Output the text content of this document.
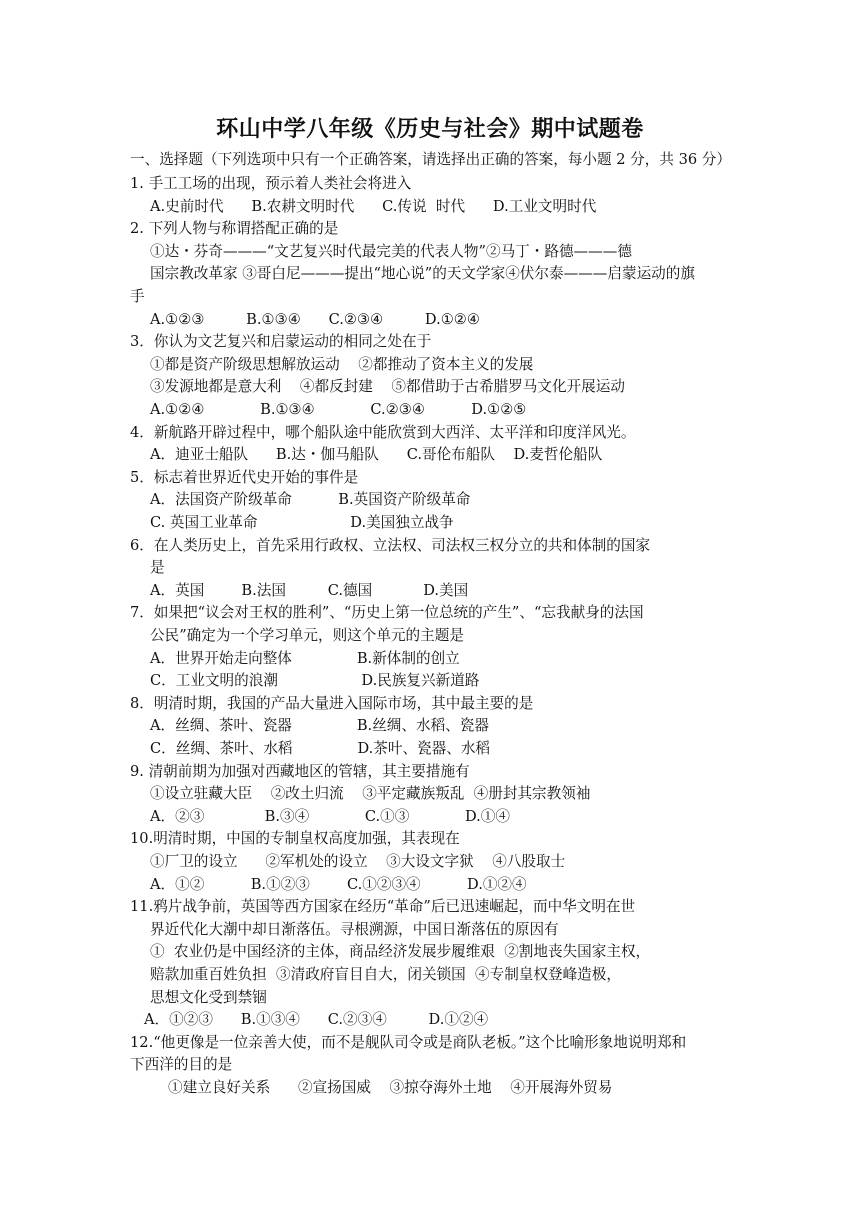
环山中学八年级《历史与社会》期中试题卷
一、选择题（下列选项中只有一个正确答案，请选择出正确的答案，每小题 2 分，共 36 分）
1. 手工工场的出现，预示着人类社会将进入
A.史前时代      B.农耕文明时代      C.传说  时代      D.工业文明时代
2. 下列人物与称谓搭配正确的是
①达・芬奇———“文艺复兴时代最完美的代表人物”②马丁・路德———德
国宗教改革家 ③哥白尼———提出“地心说”的天文学家④伏尔泰———启蒙运动的旗
手
A.①②③         B.①③④      C.②③④         D.①②④
3．你认为文艺复兴和启蒙运动的相同之处在于
①都是资产阶级思想解放运动    ②都推动了资本主义的发展
③发源地都是意大利    ④都反封建    ⑤都借助于古希腊罗马文化开展运动
A.①②④            B.①③④            C.②③④          D.①②⑤
4．新航路开辟过程中，哪个船队途中能欣赏到大西洋、太平洋和印度洋风光。
A．迪亚士船队      B.达・伽马船队      C.哥伦布船队    D.麦哲伦船队
5．标志着世界近代史开始的事件是
A．法国资产阶级革命          B.英国资产阶级革命
C. 英国工业革命                    D.美国独立战争
6．在人类历史上，首先采用行政权、立法权、司法权三权分立的共和体制的国家
是
A．英国        B.法国         C.德国           D.美国
7．如果把“议会对王权的胜利”、“历史上第一位总统的产生”、“忘我献身的法国
公民”确定为一个学习单元，则这个单元的主题是
A．世界开始走向整体              B.新体制的创立
C．工业文明的浪潮                  D.民族复兴新道路
8．明清时期，我国的产品大量进入国际市场，其中最主要的是
A．丝绸、茶叶、瓷器              B.丝绸、水稻、瓷器
C．丝绸、茶叶、水稻              D.茶叶、瓷器、水稻
9. 清朝前期为加强对西藏地区的管辖，其主要措施有
①设立驻藏大臣    ②改土归流    ③平定藏族叛乱  ④册封其宗教领袖
A．②③             B.③④            C.①③            D.①④
10.明清时期，中国的专制皇权高度加强，其表现在
①厂卫的设立      ②军机处的设立    ③大设文字狱    ④八股取士
A．①②          B.①②③        C.①②③④          D.①②④
11.鸦片战争前，英国等西方国家在经历“革命”后已迅速崛起，而中华文明在世
界近代化大潮中却日渐落伍。寻根溯源，中国日渐落伍的原因有
①  农业仍是中国经济的主体，商品经济发展步履维艰  ②割地丧失国家主权，
赔款加重百姓负担  ③清政府盲目自大，闭关锁国  ④专制皇权登峰造极，
思想文化受到禁锢
A．①②③      B.①③④      C.②③④         D.①②④
12.“他更像是一位亲善大使，而不是舰队司令或是商队老板。”这个比喻形象地说明郑和
下西洋的目的是
①建立良好关系      ②宣扬国威    ③掠夺海外土地    ④开展海外贸易
